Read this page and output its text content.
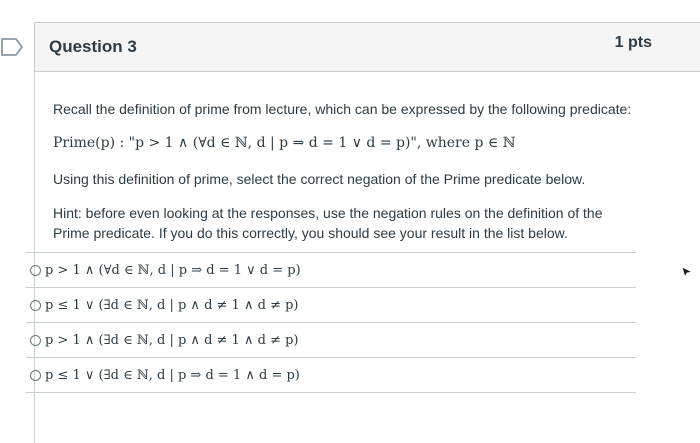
Question 3	1 pts

Recall the definition of prime from lecture, which can be expressed by the following predicate:

Prime(p) : "p > 1 ∧ (∀d ∈ ℕ, d | p ⇒ d = 1 ∨ d = p)", where p ∈ ℕ

Using this definition of prime, select the correct negation of the Prime predicate below.

Hint: before even looking at the responses, use the negation rules on the definition of the

Prime predicate. If you do this correctly, you should see your result in the list below.

p > 1 ∧ (∀d ∈ ℕ, d | p ⇒ d = 1 ∨ d = p)
p ≤ 1 ∨ (∃d ∈ ℕ, d | p ∧ d ≠ 1 ∧ d ≠ p)
p > 1 ∧ (∃d ∈ ℕ, d | p ∧ d ≠ 1 ∧ d ≠ p)
p ≤ 1 ∨ (∃d ∈ ℕ, d | p ⇒ d = 1 ∧ d = p)
